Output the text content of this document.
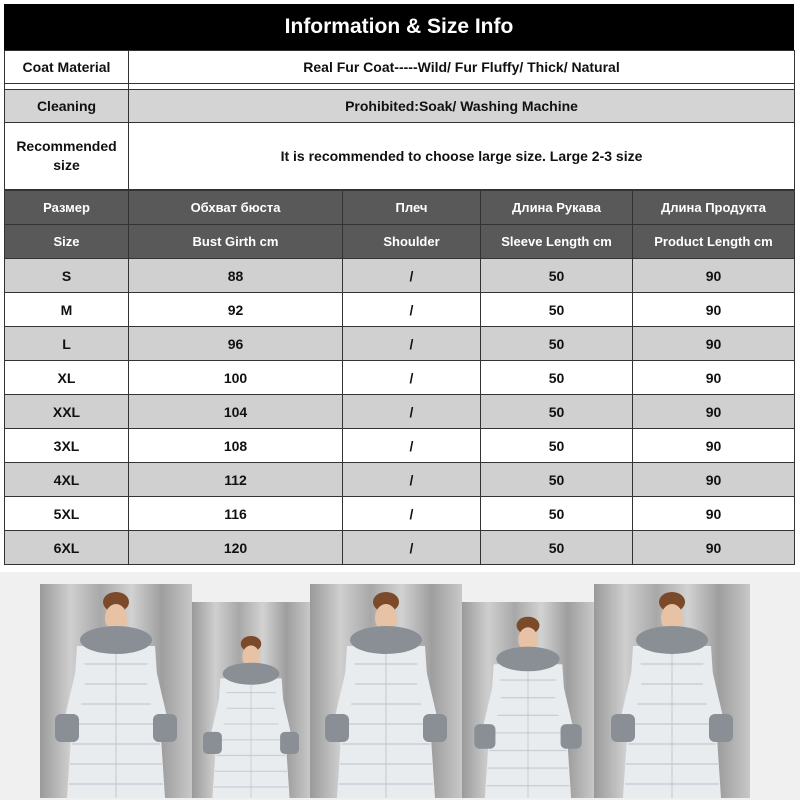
Information & Size Info
Coat Material	Real Fur Coat-----Wild/ Fur Fluffy/ Thick/ Natural

Cleaning	Prohibited:Soak/ Washing Machine
Recommended size	It is recommended to choose large size. Large 2-3 size
Размер	Обхват бюста	Плеч	Длина Рукава	Длина Продукта
Size	Bust Girth cm	Shoulder	Sleeve Length cm	Product Length cm
S	88	/	50	90
M	92	/	50	90
L	96	/	50	90
XL	100	/	50	90
XXL	104	/	50	90
3XL	108	/	50	90
4XL	112	/	50	90
5XL	116	/	50	90
6XL	120	/	50	90
